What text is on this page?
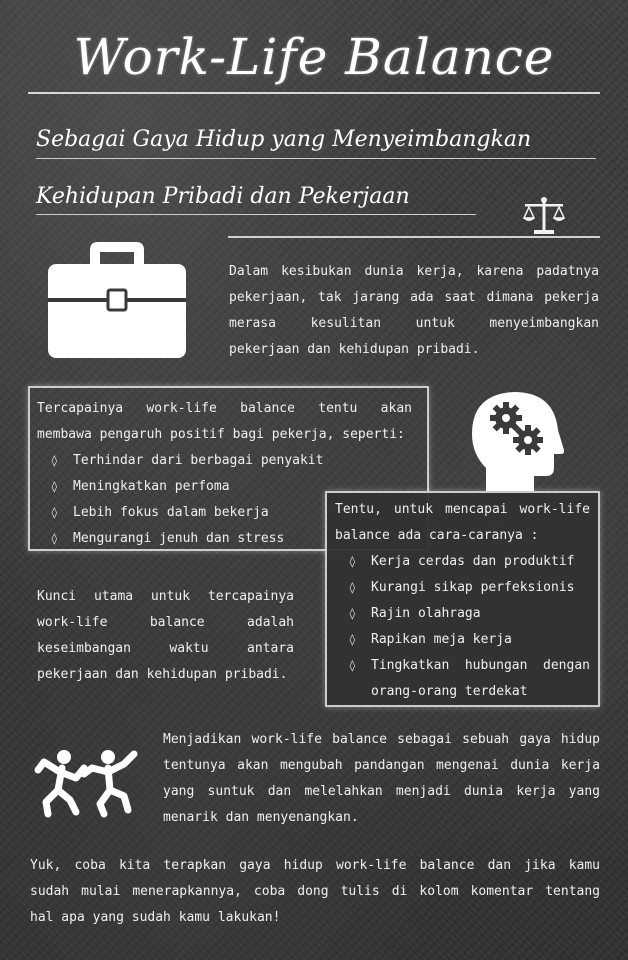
Work-Life Balance
Sebagai Gaya Hidup yang Menyeimbangkan
Kehidupan Pribadi dan Pekerjaan
Dalam kesibukan dunia kerja, karena padatnya
pekerjaan, tak jarang ada saat dimana pekerja
merasa kesulitan untuk menyeimbangkan
pekerjaan dan kehidupan pribadi.
Tercapainya work-life balance tentu akan
membawa pengaruh positif bagi pekerja, seperti:
◊ Terhindar dari berbagai penyakit
◊ Meningkatkan perfoma
◊ Lebih fokus dalam bekerja
◊ Mengurangi jenuh dan stress
Tentu, untuk mencapai work-life
balance ada cara-caranya :
◊ Kerja cerdas dan produktif
◊ Kurangi sikap perfeksionis
◊ Rajin olahraga
◊ Rapikan meja kerja
◊ Tingkatkan hubungan dengan
orang-orang terdekat
Kunci utama untuk tercapainya
work-life balance adalah
keseimbangan waktu antara
pekerjaan dan kehidupan pribadi.
Menjadikan work-life balance sebagai sebuah gaya hidup
tentunya akan mengubah pandangan mengenai dunia kerja
yang suntuk dan melelahkan menjadi dunia kerja yang
menarik dan menyenangkan.
Yuk, coba kita terapkan gaya hidup work-life balance dan jika kamu
sudah mulai menerapkannya, coba dong tulis di kolom komentar tentang
hal apa yang sudah kamu lakukan!
